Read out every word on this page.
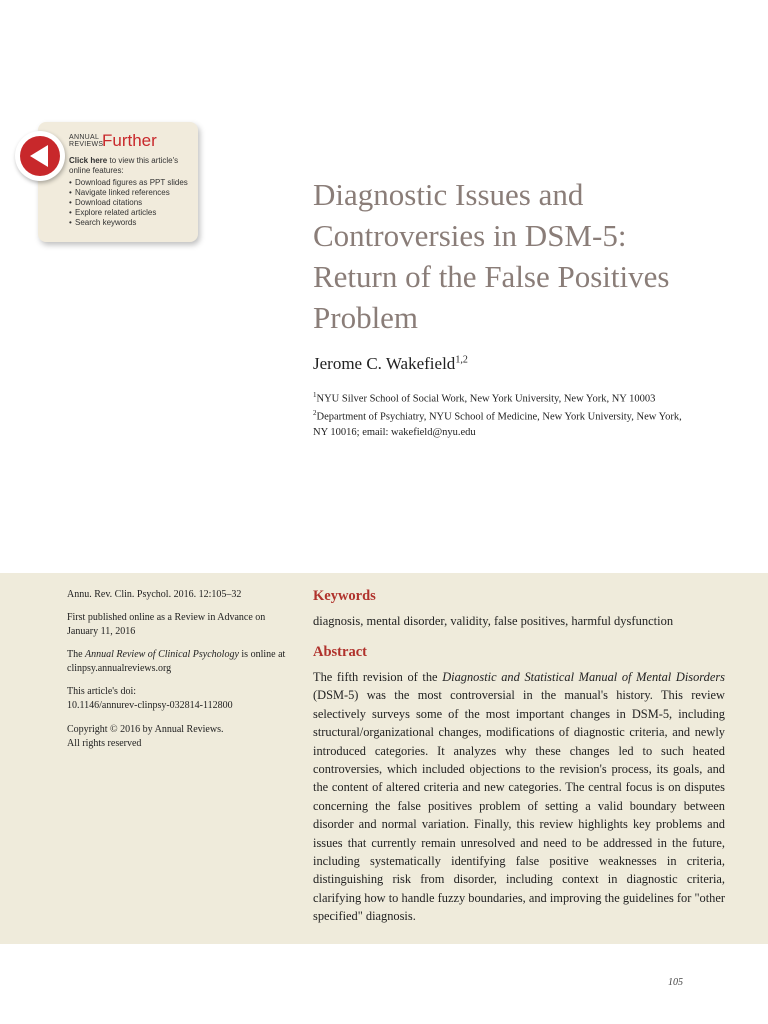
ANNUAL
REVIEWS
Further
Click here to view this article's online features:
• Download figures as PPT slides
• Navigate linked references
• Download citations
• Explore related articles
• Search keywords
Diagnostic Issues and
Controversies in DSM-5:
Return of the False Positives
Problem
Jerome C. Wakefield$^{1,2}$
$^1$NYU Silver School of Social Work, New York University, New York, NY 10003
$^2$Department of Psychiatry, NYU School of Medicine, New York University, New York,
NY 10016; email: wakefield@nyu.edu
Annu. Rev. Clin. Psychol. 2016. 12:105–32
First published online as a Review in Advance on
January 11, 2016
The Annual Review of Clinical Psychology is online at
clinpsy.annualreviews.org
This article's doi:
10.1146/annurev-clinpsy-032814-112800
Copyright © 2016 by Annual Reviews.
All rights reserved
Keywords
diagnosis, mental disorder, validity, false positives, harmful dysfunction
Abstract

The fifth revision of the Diagnostic and Statistical Manual of Mental Disorders (DSM-5) was the most controversial in the manual's history. This review selectively surveys some of the most important changes in DSM-5, including structural/organizational changes, modifications of diagnostic criteria, and newly introduced categories. It analyzes why these changes led to such heated controversies, which included objections to the revision's process, its goals, and the content of altered criteria and new categories. The central focus is on disputes concerning the false positives problem of setting a valid boundary between disorder and normal variation. Finally, this review highlights key problems and issues that currently remain unresolved and need to be addressed in the future, including systematically identifying false positive weaknesses in criteria, distinguishing risk from disorder, including context in diagnostic criteria, clarifying how to handle fuzzy boundaries, and improving the guidelines for "other specified" diagnosis.

105
